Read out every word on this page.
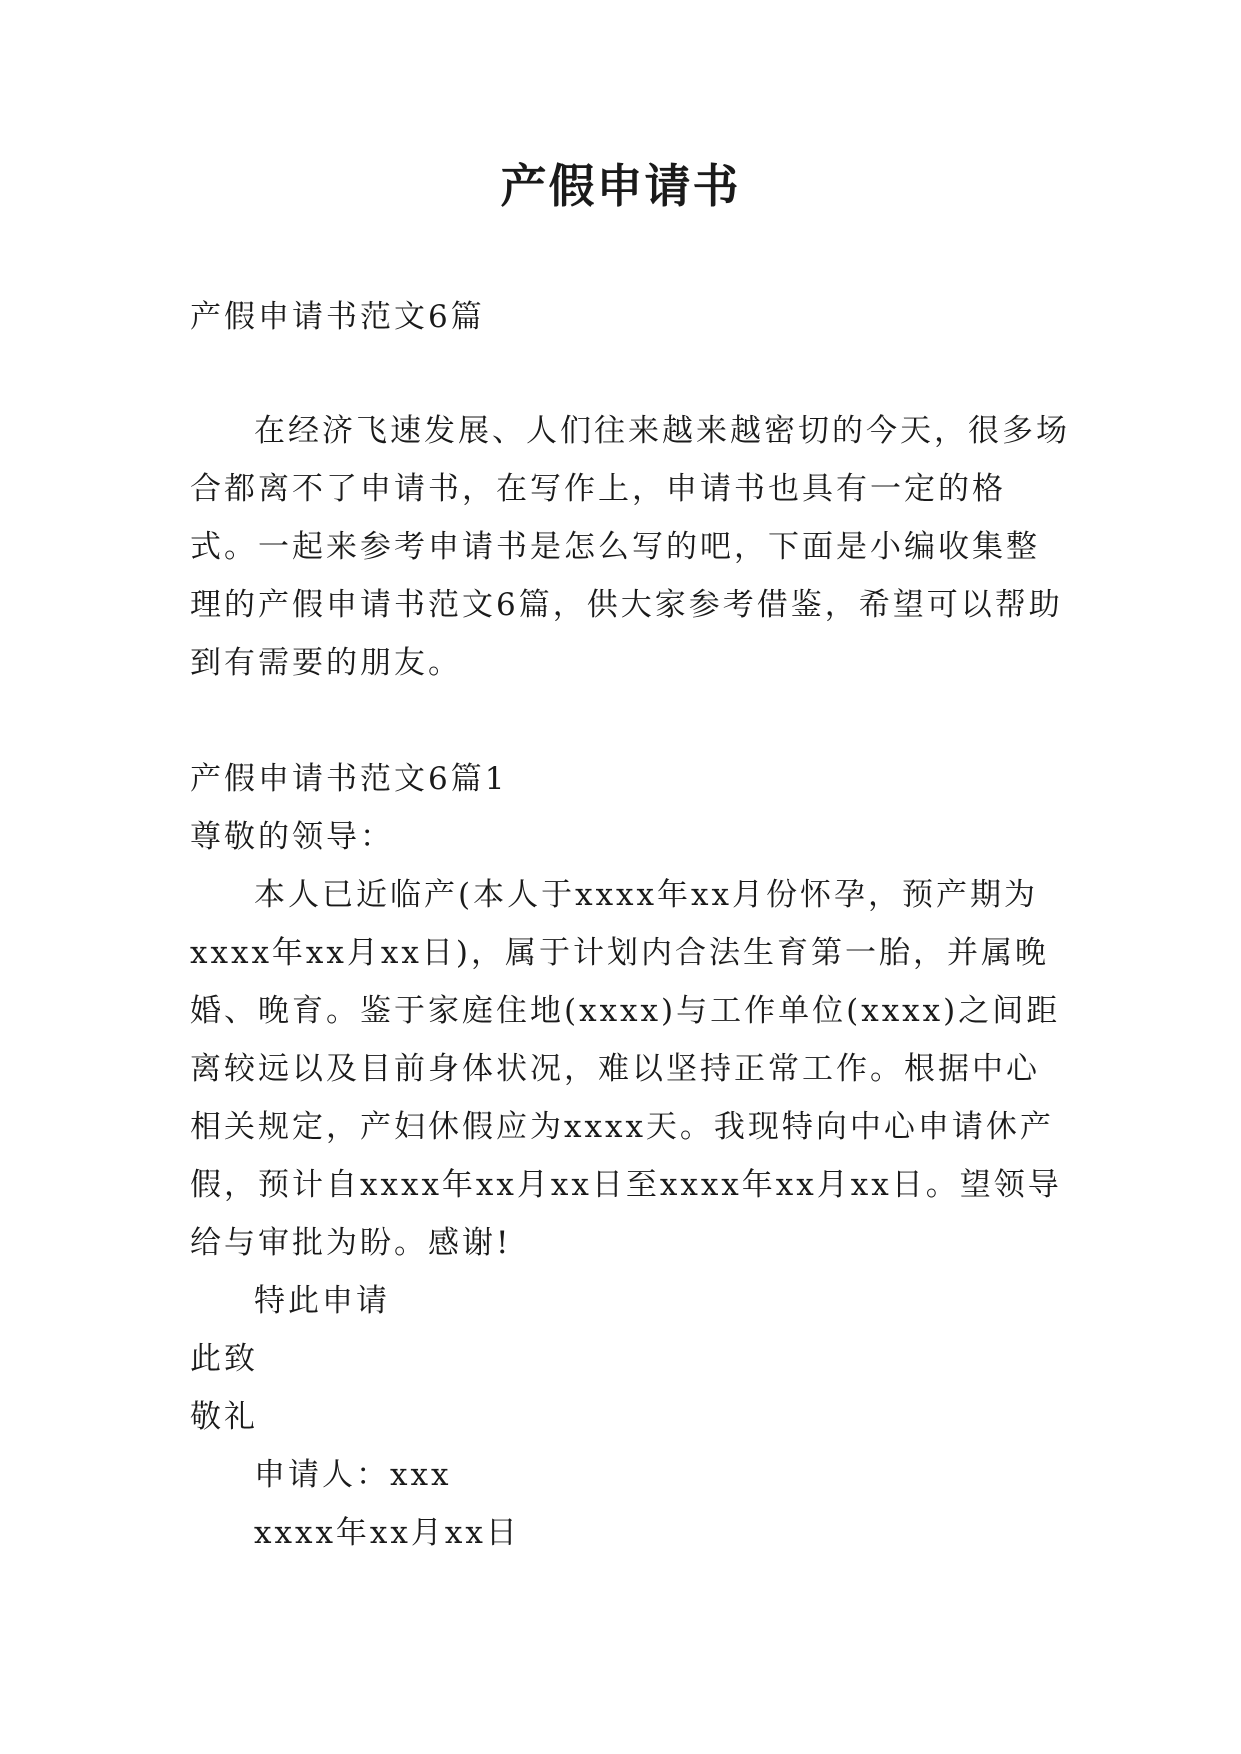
产假申请书

产假申请书范文6篇

在经济飞速发展、人们往来越来越密切的今天，很多场合都离不了申请书，在写作上，申请书也具有一定的格式。一起来参考申请书是怎么写的吧，下面是小编收集整理的产假申请书范文6篇，供大家参考借鉴，希望可以帮助到有需要的朋友。

产假申请书范文6篇1

尊敬的领导：

本人已近临产(本人于xxxx年xx月份怀孕，预产期为xxxx年xx月xx日)，属于计划内合法生育第一胎，并属晚婚、晚育。鉴于家庭住地(xxxx)与工作单位(xxxx)之间距离较远以及目前身体状况，难以坚持正常工作。根据中心相关规定，产妇休假应为xxxx天。我现特向中心申请休产假，预计自xxxx年xx月xx日至xxxx年xx月xx日。望领导给与审批为盼。感谢!

特此申请

此致

敬礼

申请人：xxx

xxxx年xx月xx日
